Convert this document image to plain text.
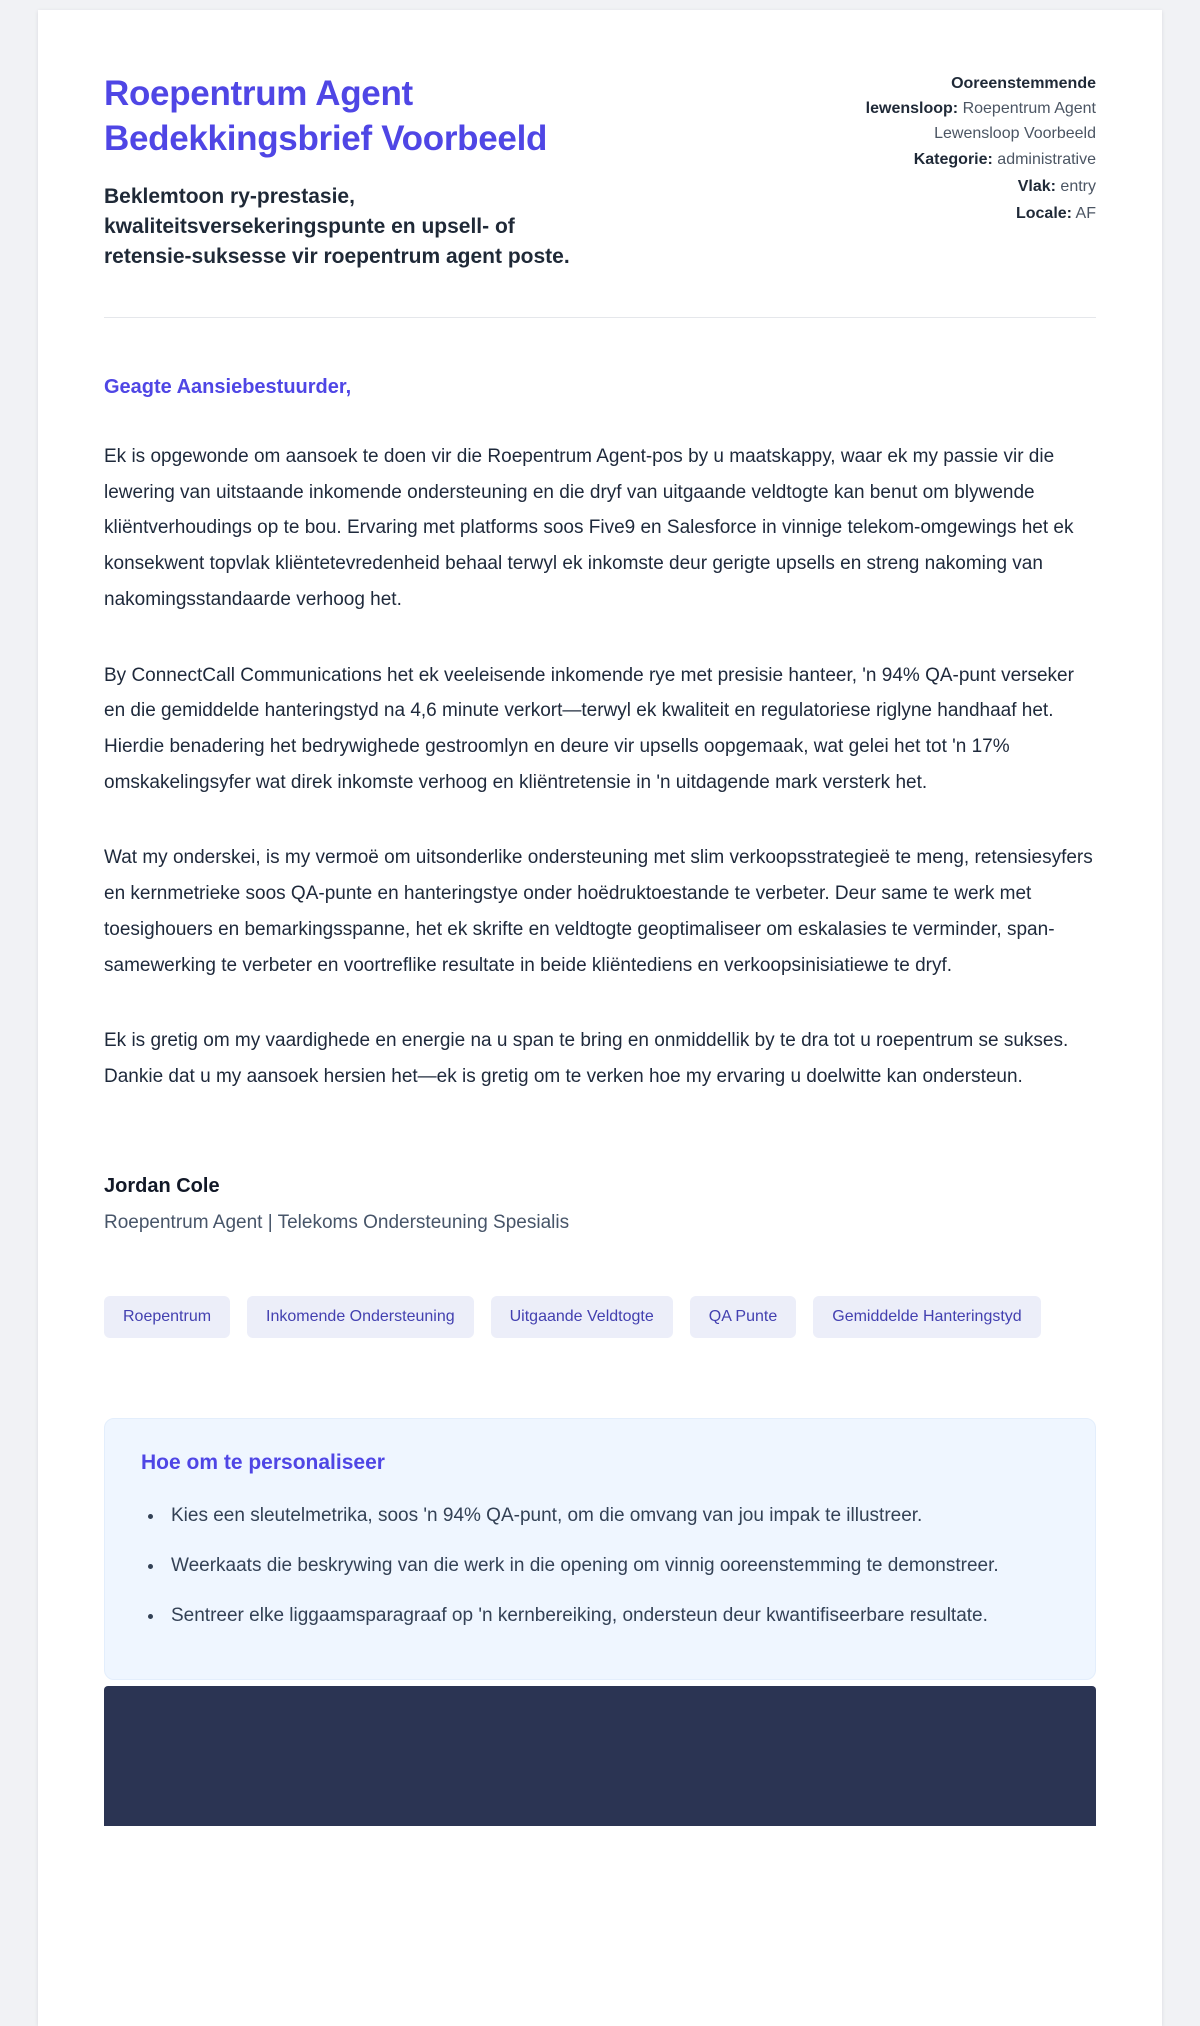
Roepentrum Agent Bedekkingsbrief Voorbeeld
Beklemtoon ry-prestasie, kwaliteitsversekeringspunte en upsell- of retensie-suksesse vir roepentrum agent poste.
Ooreenstemmende lewensloop: Roepentrum Agent Lewensloop Voorbeeld
Kategorie: administrative
Vlak: entry
Locale: AF
Geagte Aansiebestuurder,

Ek is opgewonde om aansoek te doen vir die Roepentrum Agent-pos by u maatskappy, waar ek my passie vir die lewering van uitstaande inkomende ondersteuning en die dryf van uitgaande veldtogte kan benut om blywende kliëntverhoudings op te bou. Ervaring met platforms soos Five9 en Salesforce in vinnige telekom-omgewings het ek konsekwent topvlak kliëntetevredenheid behaal terwyl ek inkomste deur gerigte upsells en streng nakoming van nakomingsstandaarde verhoog het.

By ConnectCall Communications het ek veeleisende inkomende rye met presisie hanteer, 'n 94% QA-punt verseker en die gemiddelde hanteringstyd na 4,6 minute verkort—terwyl ek kwaliteit en regulatoriese riglyne handhaaf het. Hierdie benadering het bedrywighede gestroomlyn en deure vir upsells oopgemaak, wat gelei het tot 'n 17% omskakelingsyfer wat direk inkomste verhoog en kliëntretensie in 'n uitdagende mark versterk het.

Wat my onderskei, is my vermoë om uitsonderlike ondersteuning met slim verkoopsstrategieë te meng, retensiesyfers en kernmetrieke soos QA-punte en hanteringstye onder hoëdruktoestande te verbeter. Deur same te werk met toesighouers en bemarkingsspanne, het ek skrifte en veldtogte geoptimaliseer om eskalasies te verminder, span-samewerking te verbeter en voortreflike resultate in beide kliëntediens en verkoopsinisiatiewe te dryf.

Ek is gretig om my vaardighede en energie na u span te bring en onmiddellik by te dra tot u roepentrum se sukses. Dankie dat u my aansoek hersien het—ek is gretig om te verken hoe my ervaring u doelwitte kan ondersteun.

Jordan Cole
Roepentrum Agent | Telekoms Ondersteuning Spesialis
Roepentrum	Inkomende Ondersteuning	Uitgaande Veldtogte	QA Punte	Gemiddelde Hanteringstyd
Hoe om te personaliseer
• Kies een sleutelmetrika, soos 'n 94% QA-punt, om die omvang van jou impak te illustreer.
• Weerkaats die beskrywing van die werk in die opening om vinnig ooreenstemming te demonstreer.
• Sentreer elke liggaamsparagraaf op 'n kernbereiking, ondersteun deur kwantifiseerbare resultate.
